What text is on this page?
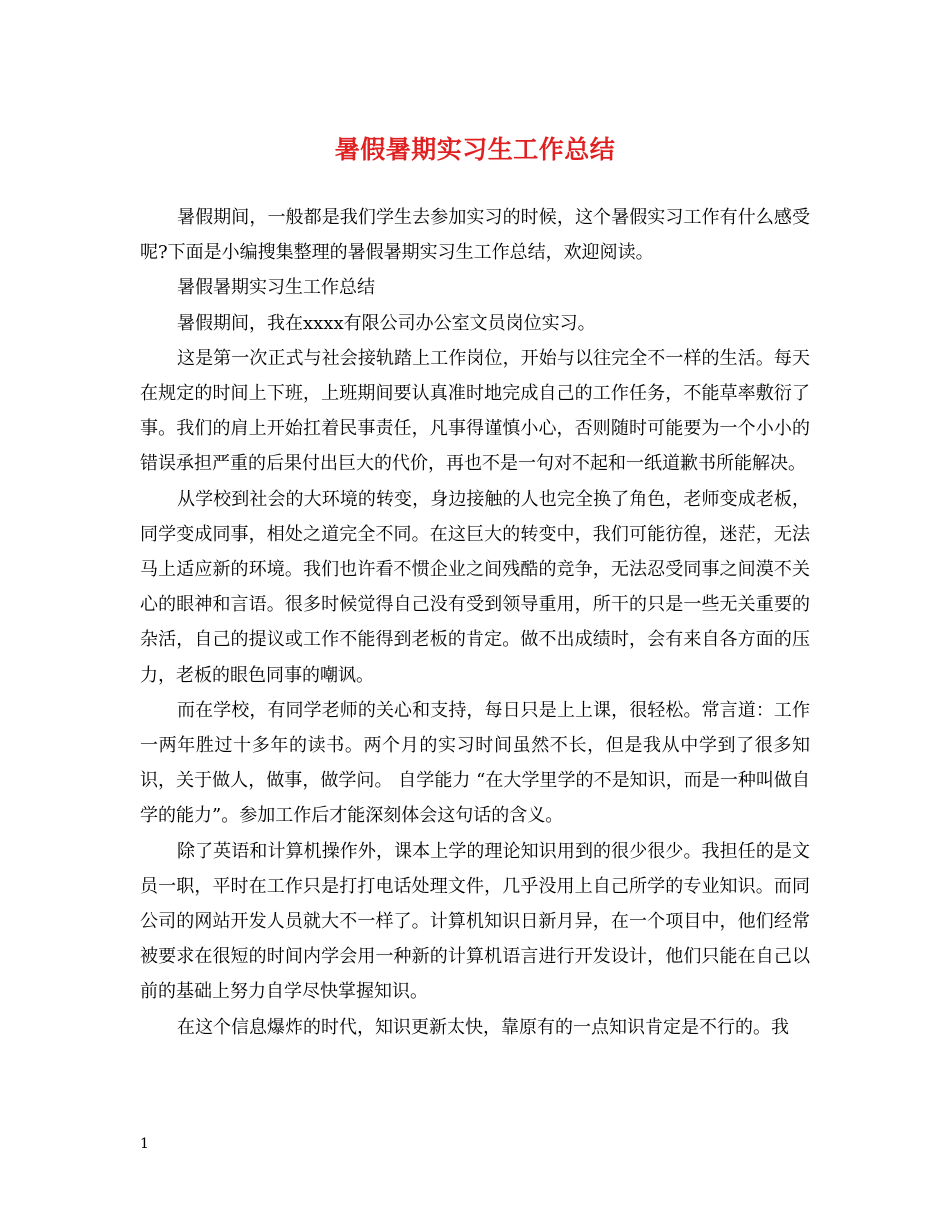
暑假暑期实习生工作总结

暑假期间，一般都是我们学生去参加实习的时候，这个暑假实习工作有什么感受呢?下面是小编搜集整理的暑假暑期实习生工作总结，欢迎阅读。

暑假暑期实习生工作总结

暑假期间，我在xxxx有限公司办公室文员岗位实习。

这是第一次正式与社会接轨踏上工作岗位，开始与以往完全不一样的生活。每天在规定的时间上下班，上班期间要认真准时地完成自己的工作任务，不能草率敷衍了事。我们的肩上开始扛着民事责任，凡事得谨慎小心，否则随时可能要为一个小小的错误承担严重的后果付出巨大的代价，再也不是一句对不起和一纸道歉书所能解决。

从学校到社会的大环境的转变，身边接触的人也完全换了角色，老师变成老板，同学变成同事，相处之道完全不同。在这巨大的转变中，我们可能彷徨，迷茫，无法马上适应新的环境。我们也许看不惯企业之间残酷的竞争，无法忍受同事之间漠不关心的眼神和言语。很多时候觉得自己没有受到领导重用，所干的只是一些无关重要的杂活，自己的提议或工作不能得到老板的肯定。做不出成绩时，会有来自各方面的压力，老板的眼色同事的嘲讽。

而在学校，有同学老师的关心和支持，每日只是上上课，很轻松。常言道：工作一两年胜过十多年的读书。两个月的实习时间虽然不长，但是我从中学到了很多知识，关于做人，做事，做学问。 自学能力 “在大学里学的不是知识，而是一种叫做自学的能力”。参加工作后才能深刻体会这句话的含义。

除了英语和计算机操作外，课本上学的理论知识用到的很少很少。我担任的是文员一职，平时在工作只是打打电话处理文件，几乎没用上自己所学的专业知识。而同公司的网站开发人员就大不一样了。计算机知识日新月异，在一个项目中，他们经常被要求在很短的时间内学会用一种新的计算机语言进行开发设计，他们只能在自己以前的基础上努力自学尽快掌握知识。

在这个信息爆炸的时代，知识更新太快，靠原有的一点知识肯定是不行的。我

1
